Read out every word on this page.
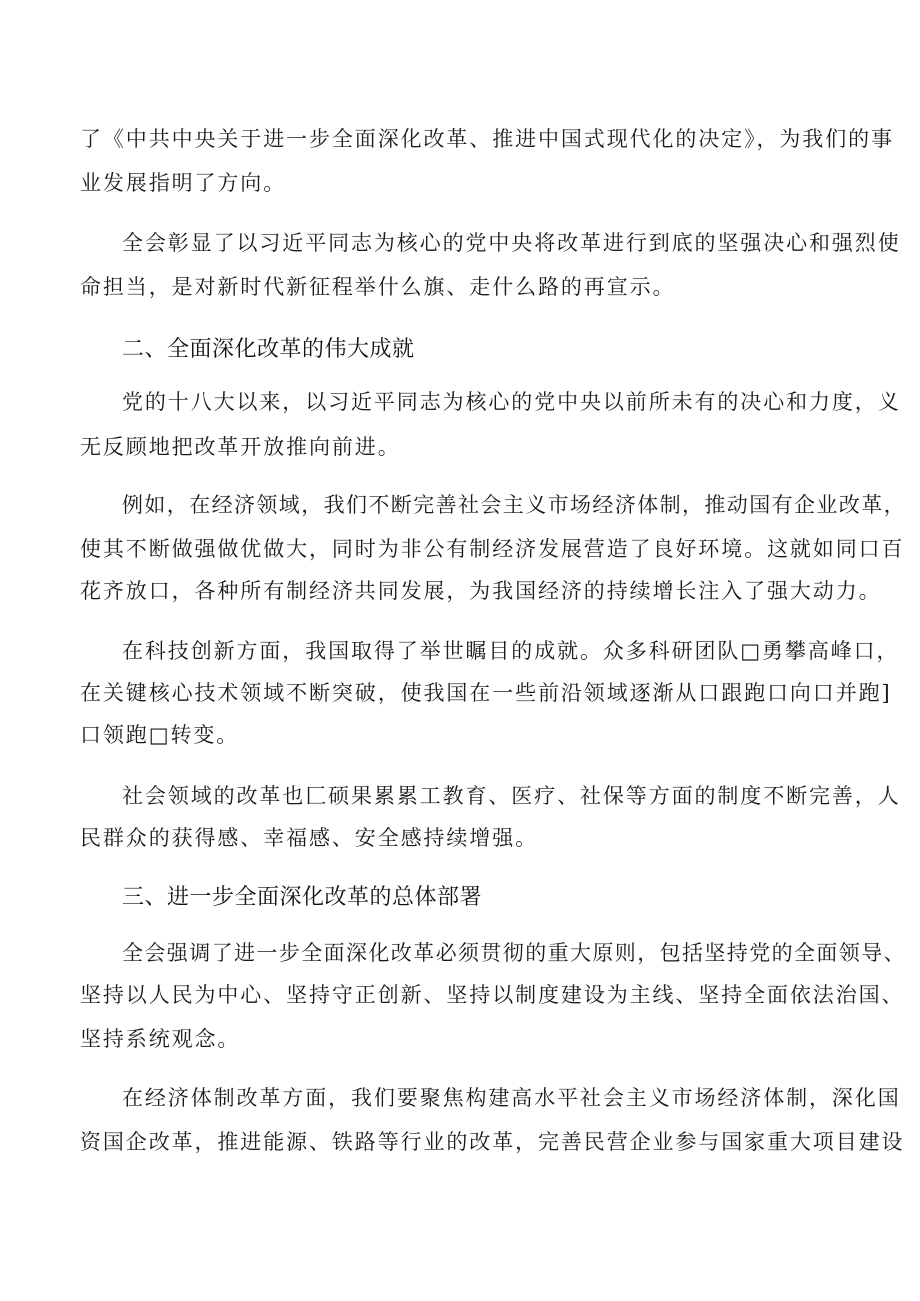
了《中共中央关于进一步全面深化改革、推进中国式现代化的决定》，为我们的事
业发展指明了方向。
全会彰显了以习近平同志为核心的党中央将改革进行到底的坚强决心和强烈使
命担当，是对新时代新征程举什么旗、走什么路的再宣示。
二、全面深化改革的伟大成就
党的十八大以来，以习近平同志为核心的党中央以前所未有的决心和力度，义
无反顾地把改革开放推向前进。
例如，在经济领域，我们不断完善社会主义市场经济体制，推动国有企业改革，
使其不断做强做优做大，同时为非公有制经济发展营造了良好环境。这就如同口百
花齐放口，各种所有制经济共同发展，为我国经济的持续增长注入了强大动力。
在科技创新方面，我国取得了举世瞩目的成就。众多科研团队□勇攀高峰口，
在关键核心技术领域不断突破，使我国在一些前沿领域逐渐从口跟跑口向口并跑]
口领跑□转变。
社会领域的改革也匚硕果累累工教育、医疗、社保等方面的制度不断完善，人
民群众的获得感、幸福感、安全感持续增强。
三、进一步全面深化改革的总体部署
全会强调了进一步全面深化改革必须贯彻的重大原则，包括坚持党的全面领导、
坚持以人民为中心、坚持守正创新、坚持以制度建设为主线、坚持全面依法治国、
坚持系统观念。
在经济体制改革方面，我们要聚焦构建高水平社会主义市场经济体制，深化国
资国企改革，推进能源、铁路等行业的改革，完善民营企业参与国家重大项目建设
